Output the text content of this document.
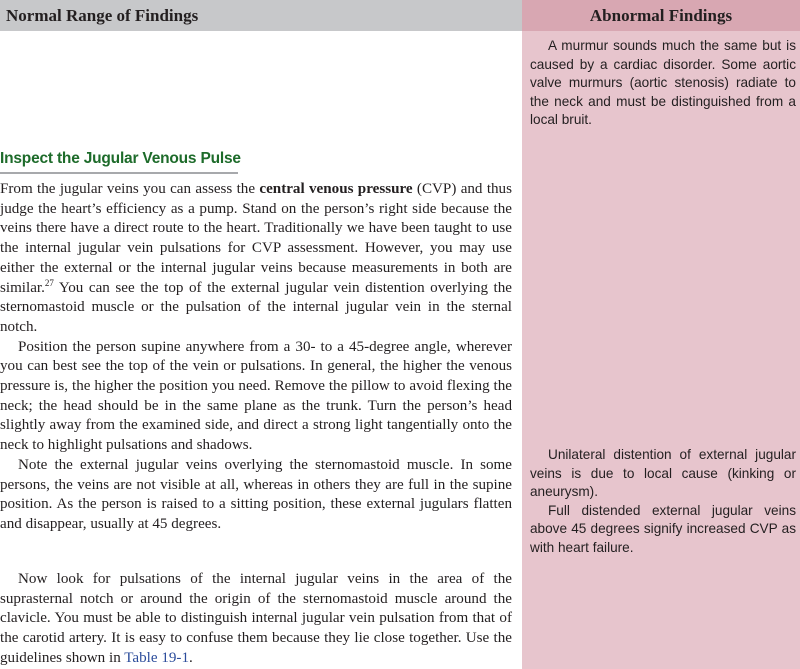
Normal Range of Findings	Abnormal Findings

A murmur sounds much the same but is caused by a cardiac disorder. Some aortic valve murmurs (aortic stenosis) radiate to the neck and must be distinguished from a local bruit.

Unilateral distention of external jugular veins is due to local cause (kinking or aneurysm).

Full distended external jugular veins above 45 degrees signify increased CVP as with heart failure.

Inspect the Jugular Venous Pulse

From the jugular veins you can assess the central venous pressure (CVP) and thus judge the heart’s efficiency as a pump. Stand on the person’s right side because the veins there have a direct route to the heart. Traditionally we have been taught to use the internal jugular vein pulsations for CVP assessment. However, you may use either the external or the internal jugular veins because measurements in both are similar.$^{27}$ You can see the top of the external jugular vein distention overlying the sternomastoid muscle or the pulsation of the internal jugular vein in the sternal notch.

Position the person supine anywhere from a 30- to a 45-degree angle, wherever you can best see the top of the vein or pulsations. In general, the higher the venous pressure is, the higher the position you need. Remove the pillow to avoid flexing the neck; the head should be in the same plane as the trunk. Turn the person’s head slightly away from the examined side, and direct a strong light tangentially onto the neck to highlight pulsations and shadows.

Note the external jugular veins overlying the sternomastoid muscle. In some persons, the veins are not visible at all, whereas in others they are full in the supine position. As the person is raised to a sitting position, these external jugulars flatten and disappear, usually at 45 degrees.

Now look for pulsations of the internal jugular veins in the area of the suprasternal notch or around the origin of the sternomastoid muscle around the clavicle. You must be able to distinguish internal jugular vein pulsation from that of the carotid artery. It is easy to confuse them because they lie close together. Use the guidelines shown in Table 19-1.
